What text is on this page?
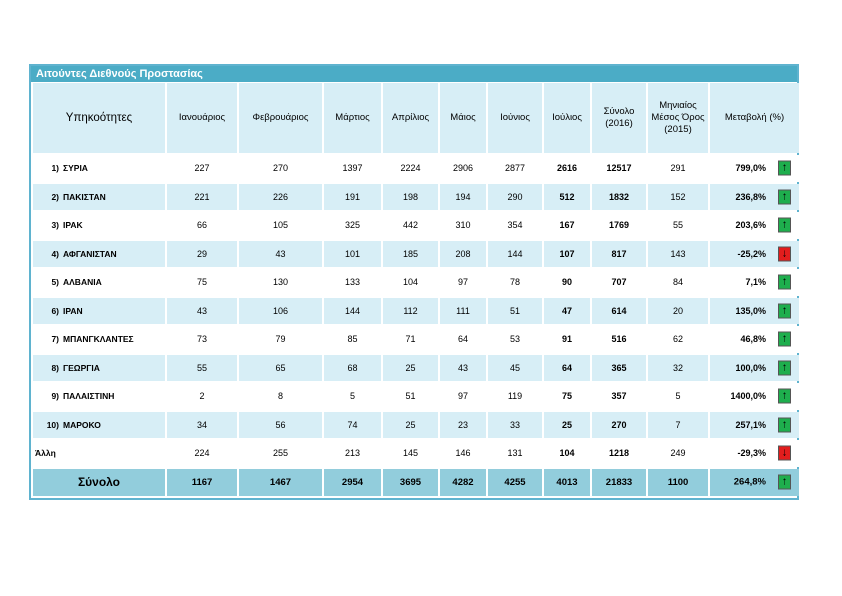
Αιτούντες Διεθνούς Προστασίας
Υπηκοότητες	Ιανουάριος	Φεβρουάριος	Μάρτιος	Απρίλιος	Μάιος	Ιούνιος	Ιούλιος	Σύνολο (2016)	Μηνιαίος Μέσος Όρος (2015)	Μεταβολή (%)
1) ΣΥΡΙΑ	227	270	1397	2224	2906	2877	2616	12517	291	799,0% ↑

2) ΠΑΚΙΣΤΑΝ	221	226	191	198	194	290	512	1832	152	236,8% ↑

3) ΙΡΑΚ	66	105	325	442	310	354	167	1769	55	203,6% ↑

4) ΑΦΓΑΝΙΣΤΑΝ	29	43	101	185	208	144	107	817	143	-25,2% ↓

5) ΑΛΒΑΝΙΑ	75	130	133	104	97	78	90	707	84	7,1% ↑

6) ΙΡΑΝ	43	106	144	112	111	51	47	614	20	135,0% ↑

7) ΜΠΑΝΓΚΛΑΝΤΕΣ	73	79	85	71	64	53	91	516	62	46,8% ↑

8) ΓΕΩΡΓΙΑ	55	65	68	25	43	45	64	365	32	100,0% ↑

9) ΠΑΛΑΙΣΤΙΝΗ	2	8	5	51	97	119	75	357	5	1400,0% ↑

10) ΜΑΡΟΚΟ	34	56	74	25	23	33	25	270	7	257,1% ↑

Άλλη	224	255	213	145	146	131	104	1218	249	-29,3% ↓

Σύνολο	1167	1467	2954	3695	4282	4255	4013	21833	1100	264,8% ↑
